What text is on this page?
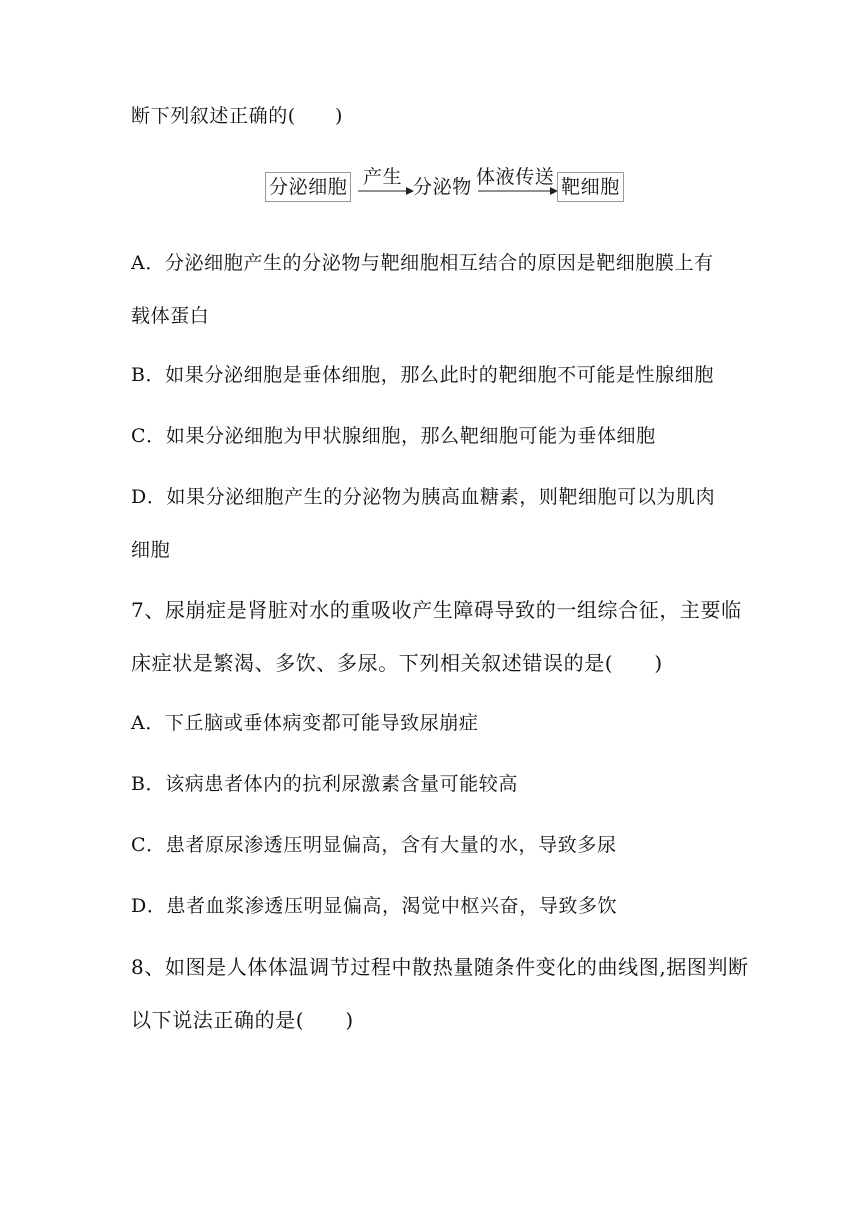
断下列叙述正确的(　　)
分泌细胞 产生 分泌物 体液传送 靶细胞
A．分泌细胞产生的分泌物与靶细胞相互结合的原因是靶细胞膜上有
载体蛋白
B．如果分泌细胞是垂体细胞，那么此时的靶细胞不可能是性腺细胞
C．如果分泌细胞为甲状腺细胞，那么靶细胞可能为垂体细胞
D．如果分泌细胞产生的分泌物为胰高血糖素，则靶细胞可以为肌肉
细胞
7、尿崩症是肾脏对水的重吸收产生障碍导致的一组综合征，主要临
床症状是繁渴、多饮、多尿。下列相关叙述错误的是(　　)
A．下丘脑或垂体病变都可能导致尿崩症
B．该病患者体内的抗利尿激素含量可能较高
C．患者原尿渗透压明显偏高，含有大量的水，导致多尿
D．患者血浆渗透压明显偏高，渴觉中枢兴奋，导致多饮
8、如图是人体体温调节过程中散热量随条件变化的曲线图,据图判断
以下说法正确的是(　　)
